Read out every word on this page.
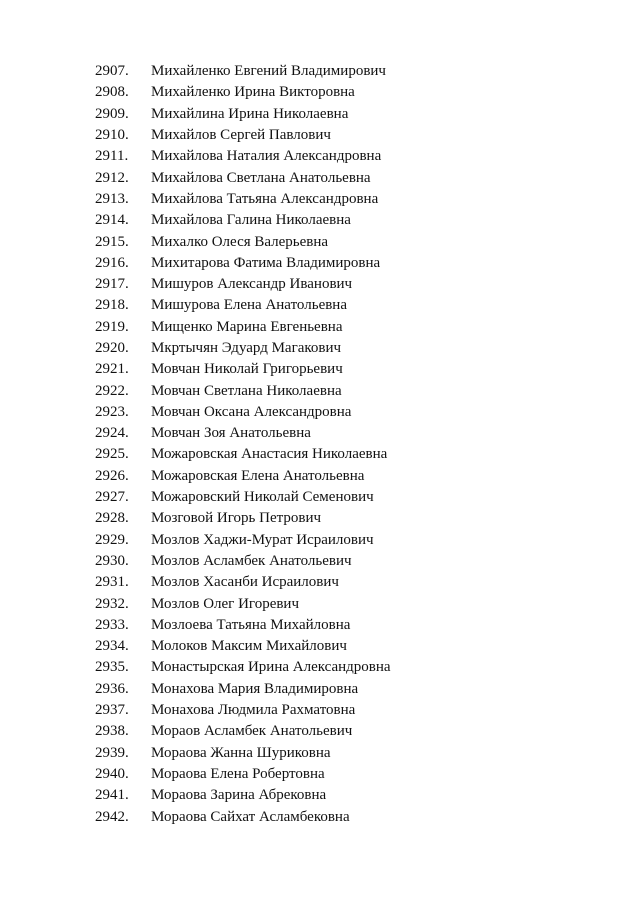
2907.	Михайленко Евгений Владимирович
2908.	Михайленко Ирина Викторовна
2909.	Михайлина Ирина Николаевна
2910.	Михайлов Сергей Павлович
2911.	Михайлова Наталия Александровна
2912.	Михайлова Светлана Анатольевна
2913.	Михайлова Татьяна Александровна
2914.	Михайлова Галина Николаевна
2915.	Михалко Олеся Валерьевна
2916.	Михитарова Фатима Владимировна
2917.	Мишуров Александр Иванович
2918.	Мишурова Елена Анатольевна
2919.	Мищенко Марина Евгеньевна
2920.	Мкртычян Эдуард Магакович
2921.	Мовчан Николай Григорьевич
2922.	Мовчан Светлана Николаевна
2923.	Мовчан Оксана Александровна
2924.	Мовчан Зоя Анатольевна
2925.	Можаровская Анастасия Николаевна
2926.	Можаровская Елена Анатольевна
2927.	Можаровский Николай Семенович
2928.	Мозговой Игорь Петрович
2929.	Мозлов Хаджи-Мурат Исраилович
2930.	Мозлов Асламбек Анатольевич
2931.	Мозлов Хасанби Исраилович
2932.	Мозлов Олег Игоревич
2933.	Мозлоева Татьяна Михайловна
2934.	Молоков Максим Михайлович
2935.	Монастырская Ирина Александровна
2936.	Монахова Мария Владимировна
2937.	Монахова Людмила Рахматовна
2938.	Мораов Асламбек Анатольевич
2939.	Мораова Жанна Шуриковна
2940.	Мораова Елена Робертовна
2941.	Мораова Зарина Абрековна
2942.	Мораова Сайхат Асламбековна
